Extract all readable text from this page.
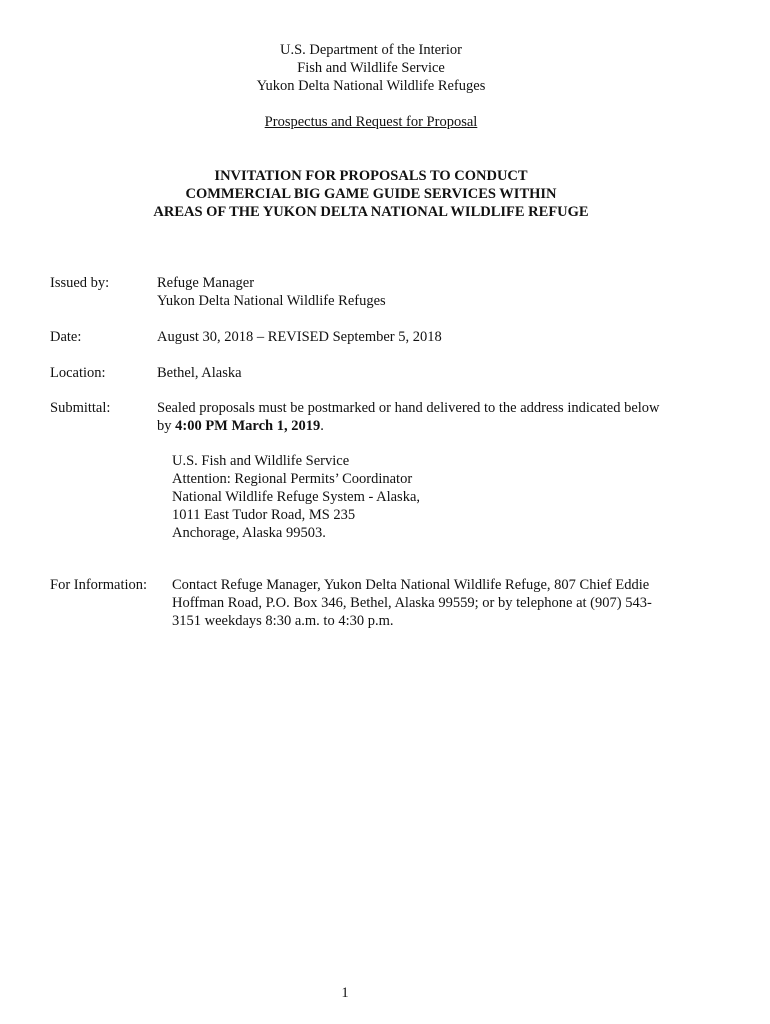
U.S. Department of the Interior
Fish and Wildlife Service
Yukon Delta National Wildlife Refuges
Prospectus and Request for Proposal
INVITATION FOR PROPOSALS TO CONDUCT
COMMERCIAL BIG GAME GUIDE SERVICES WITHIN
AREAS OF THE YUKON DELTA NATIONAL WILDLIFE REFUGE
Issued by:	Refuge Manager
Yukon Delta National Wildlife Refuges
Date:	August 30, 2018 – REVISED September 5, 2018
Location:	Bethel, Alaska
Submittal:	Sealed proposals must be postmarked or hand delivered to the address indicated below
by 4:00 PM March 1, 2019.
U.S. Fish and Wildlife Service
Attention: Regional Permits’ Coordinator
National Wildlife Refuge System - Alaska,
1011 East Tudor Road, MS 235
Anchorage, Alaska 99503.
For Information: Contact Refuge Manager, Yukon Delta National Wildlife Refuge, 807 Chief Eddie
Hoffman Road, P.O. Box 346, Bethel, Alaska 99559; or by telephone at (907) 543-
3151 weekdays 8:30 a.m. to 4:30 p.m.
1
